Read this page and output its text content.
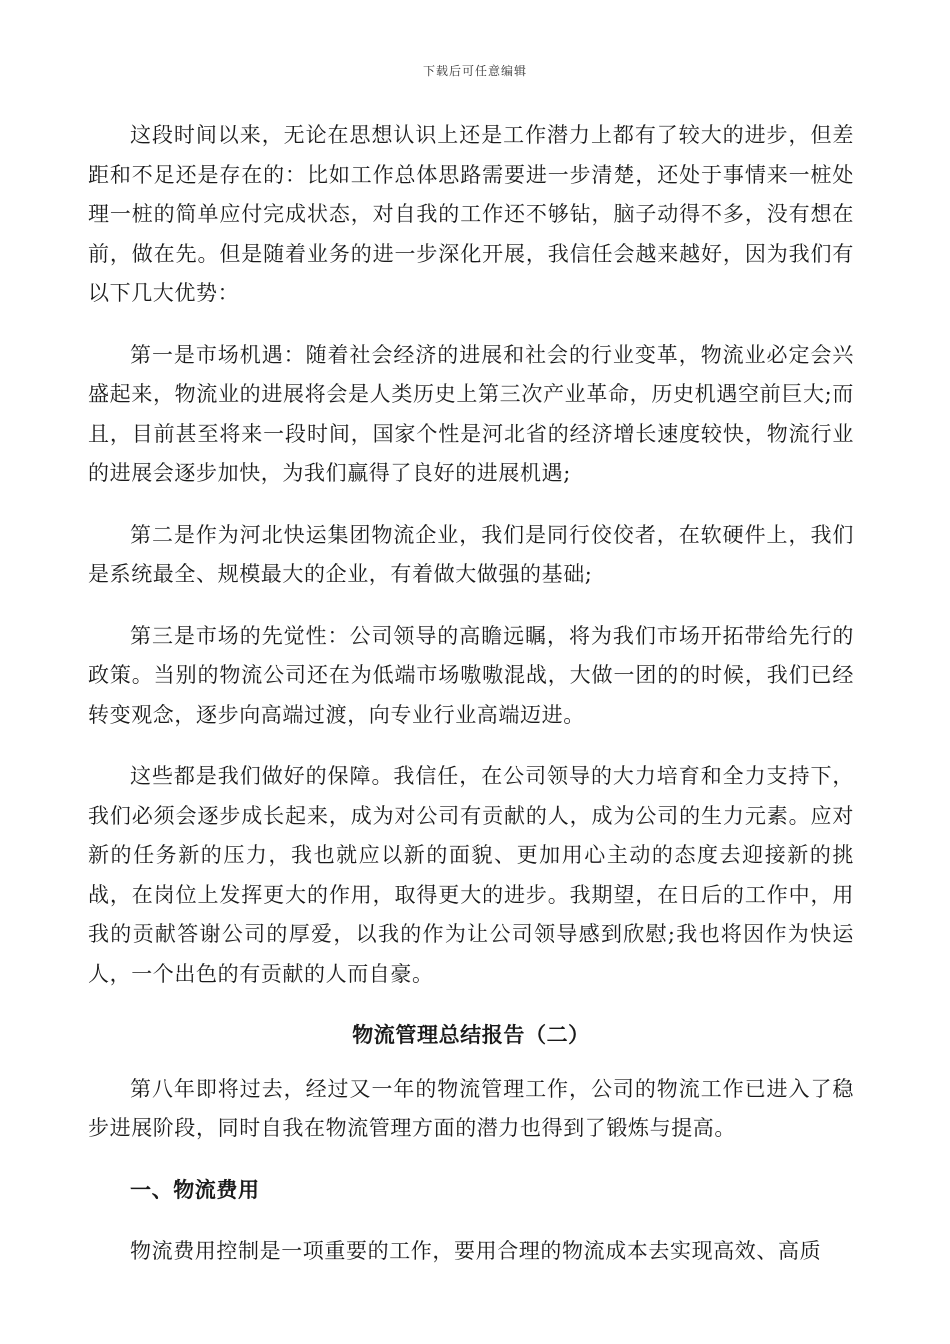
下载后可任意编辑

这段时间以来，无论在思想认识上还是工作潜力上都有了较大的进步，但差距和不足还是存在的：比如工作总体思路需要进一步清楚，还处于事情来一桩处理一桩的简单应付完成状态，对自我的工作还不够钻，脑子动得不多，没有想在前，做在先。但是随着业务的进一步深化开展，我信任会越来越好，因为我们有以下几大优势：

第一是市场机遇：随着社会经济的进展和社会的行业变革，物流业必定会兴盛起来，物流业的进展将会是人类历史上第三次产业革命，历史机遇空前巨大;而且，目前甚至将来一段时间，国家个性是河北省的经济增长速度较快，物流行业的进展会逐步加快，为我们赢得了良好的进展机遇;

第二是作为河北快运集团物流企业，我们是同行佼佼者，在软硬件上，我们是系统最全、规模最大的企业，有着做大做强的基础;

第三是市场的先觉性：公司领导的高瞻远瞩，将为我们市场开拓带给先行的政策。当别的物流公司还在为低端市场嗷嗷混战，大做一团的的时候，我们已经转变观念，逐步向高端过渡，向专业行业高端迈进。

这些都是我们做好的保障。我信任，在公司领导的大力培育和全力支持下，我们必须会逐步成长起来，成为对公司有贡献的人，成为公司的生力元素。应对新的任务新的压力，我也就应以新的面貌、更加用心主动的态度去迎接新的挑战，在岗位上发挥更大的作用，取得更大的进步。我期望，在日后的工作中，用我的贡献答谢公司的厚爱，以我的作为让公司领导感到欣慰;我也将因作为快运人，一个出色的有贡献的人而自豪。

物流管理总结报告（二）

第八年即将过去，经过又一年的物流管理工作，公司的物流工作已进入了稳步进展阶段，同时自我在物流管理方面的潜力也得到了锻炼与提高。

一、物流费用

物流费用控制是一项重要的工作，要用合理的物流成本去实现高效、高质
